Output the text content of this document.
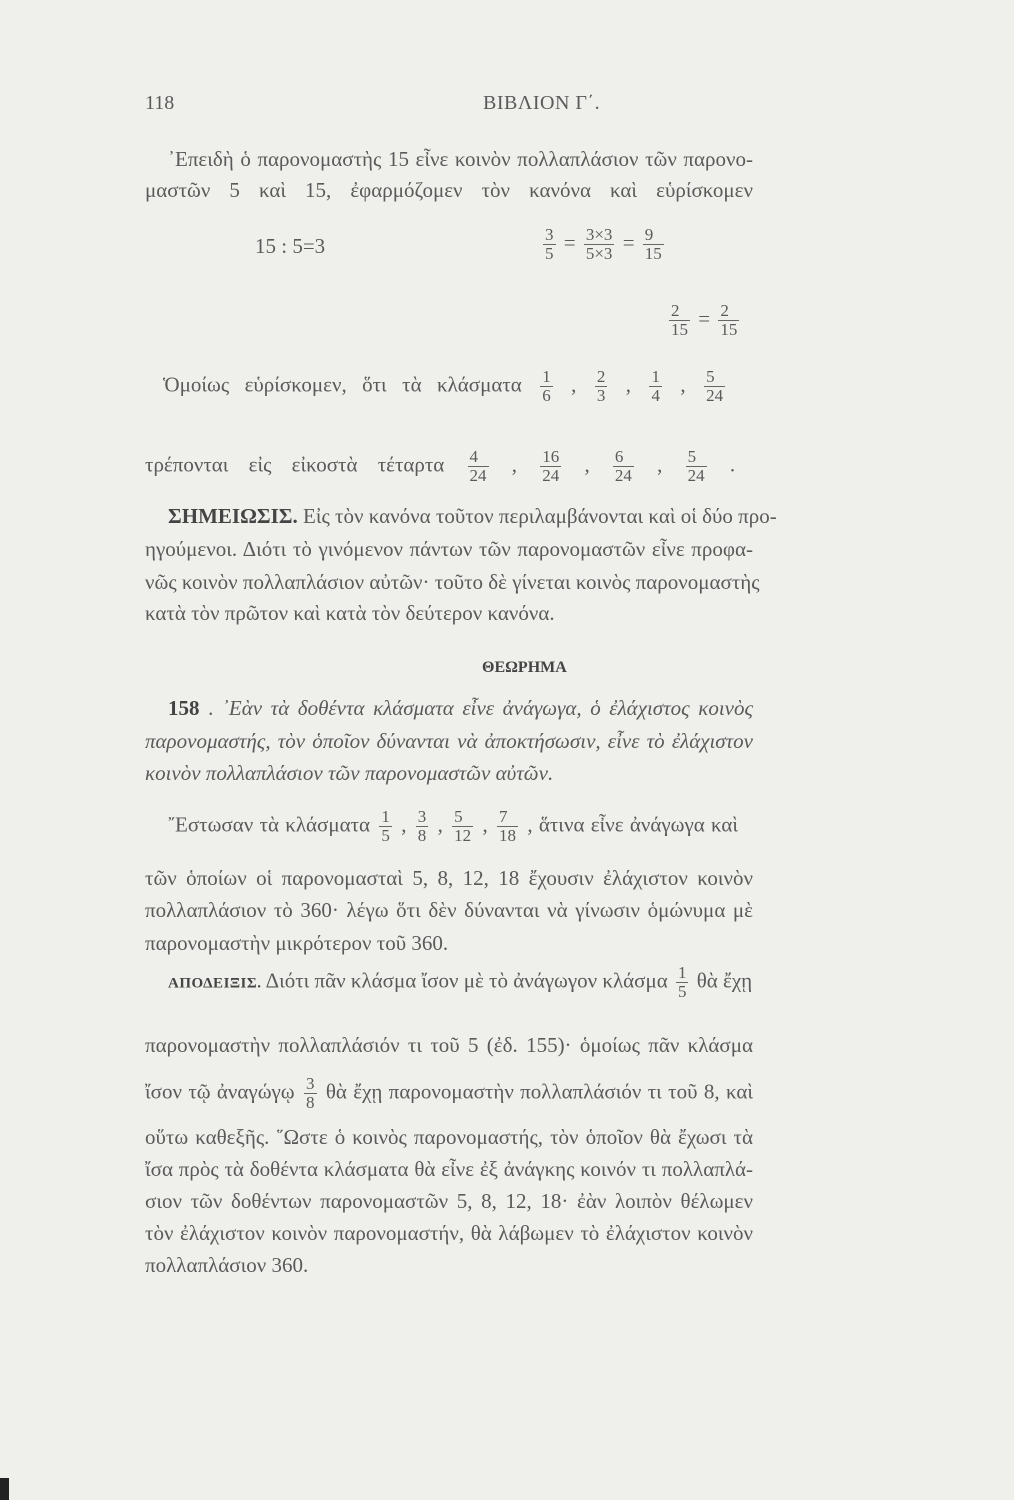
118	ΒΙΒΛΙΟΝ Γ΄.
᾿Επειδὴ ὁ παρονομαστὴς 15 εἶνε κοινὸν πολλαπλάσιον τῶν παρονο-
μαστῶν 5 καὶ 15, ἐφαρμόζομεν τὸν κανόνα καὶ εὑρίσκομεν
15 : 5=3	$\frac{3}{5} = \frac{3\times 3}{5\times 3} = \frac{9}{15}$
$\frac{2}{15} = \frac{2}{15}$
Ὁμοίως εὑρίσκομεν, ὅτι τὰ κλάσματα $\frac{1}{6}$ , $\frac{2}{3}$ , $\frac{1}{4}$ , $\frac{5}{24}$
τρέπονται εἰς εἰκοστὰ τέταρτα $\frac{4}{24}$ , $\frac{16}{24}$ , $\frac{6}{24}$ , $\frac{5}{24}$ .
ΣΗΜΕΙΩΣΙΣ. Εἰς τὸν κανόνα τοῦτον περιλαμβάνονται καὶ οἱ δύο προ-
ηγούμενοι. Διότι τὸ γινόμενον πάντων τῶν παρονομαστῶν εἶνε προφα-
νῶς κοινὸν πολλαπλάσιον αὐτῶν· τοῦτο δὲ γίνεται κοινὸς παρονομαστὴς
κατὰ τὸν πρῶτον καὶ κατὰ τὸν δεύτερον κανόνα.
ΘΕΩΡΗΜΑ
158 . ᾿Εὰν τὰ δοθέντα κλάσματα εἶνε ἀνάγωγα, ὁ ἐλάχιστος κοινὸς
παρονομαστής, τὸν ὁποῖον δύνανται νὰ ἀποκτήσωσιν, εἶνε τὸ ἐλάχιστον
κοινὸν πολλαπλάσιον τῶν παρονομαστῶν αὐτῶν.
῎Εστωσαν τὰ κλάσματα $\frac{1}{5}$ , $\frac{3}{8}$ , $\frac{5}{12}$ , $\frac{7}{18}$ , ἅτινα εἶνε ἀνάγωγα καὶ
τῶν ὁποίων οἱ παρονομασταὶ 5, 8, 12, 18 ἔχουσιν ἐλάχιστον κοινὸν
πολλαπλάσιον τὸ 360· λέγω ὅτι δὲν δύνανται νὰ γίνωσιν ὁμώνυμα μὲ
παρονομαστὴν μικρότερον τοῦ 360.
ΑΠΟΔΕΙΞΙΣ. Διότι πᾶν κλάσμα ἴσον μὲ τὸ ἀνάγωγον κλάσμα $\frac{1}{5}$ θὰ ἔχῃ
παρονομαστὴν πολλαπλάσιόν τι τοῦ 5 (ἐδ. 155)· ὁμοίως πᾶν κλάσμα
ἴσον τῷ ἀναγώγῳ $\frac{3}{8}$ θὰ ἔχῃ παρονομαστὴν πολλαπλάσιόν τι τοῦ 8, καὶ
οὕτω καθεξῆς. ῞Ωστε ὁ κοινὸς παρονομαστής, τὸν ὁποῖον θὰ ἔχωσι τὰ
ἴσα πρὸς τὰ δοθέντα κλάσματα θὰ εἶνε ἐξ ἀνάγκης κοινόν τι πολλαπλά-
σιον τῶν δοθέντων παρονομαστῶν 5, 8, 12, 18· ἐὰν λοιπὸν θέλωμεν
τὸν ἐλάχιστον κοινὸν παρονομαστήν, θὰ λάβωμεν τὸ ἐλάχιστον κοινὸν
πολλαπλάσιον 360.
